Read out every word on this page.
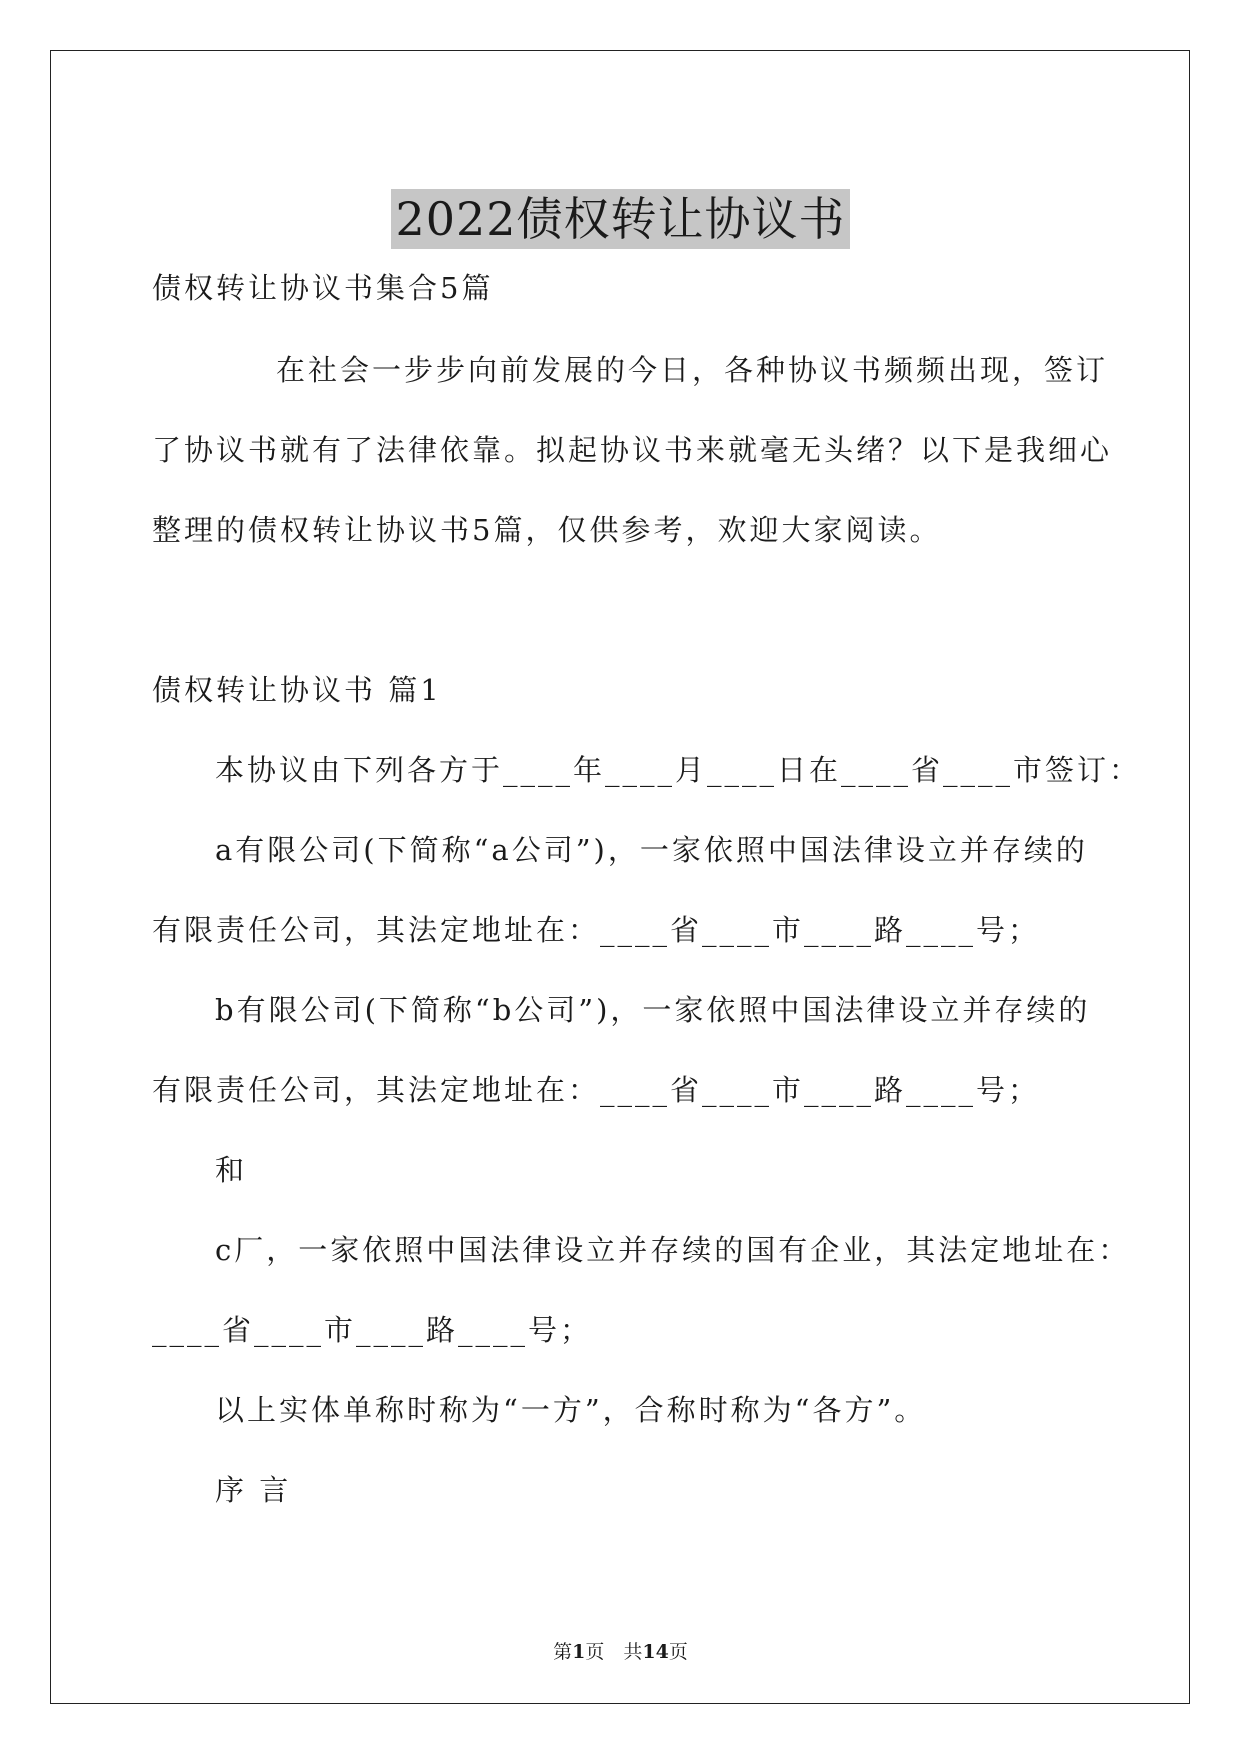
2022债权转让协议书
债权转让协议书集合5篇
在社会一步步向前发展的今日，各种协议书频频出现，签订
了协议书就有了法律依靠。拟起协议书来就毫无头绪？以下是我细心
整理的债权转让协议书5篇，仅供参考，欢迎大家阅读。
债权转让协议书 篇1
本协议由下列各方于____年____月____日在____省____市签订：
a有限公司(下简称“a公司”)，一家依照中国法律设立并存续的
有限责任公司，其法定地址在：____省____市____路____号；
b有限公司(下简称“b公司”)，一家依照中国法律设立并存续的
有限责任公司，其法定地址在：____省____市____路____号；
和
c厂，一家依照中国法律设立并存续的国有企业，其法定地址在：
____省____市____路____号；
以上实体单称时称为“一方”，合称时称为“各方”。
序 言
第1页　共14页
